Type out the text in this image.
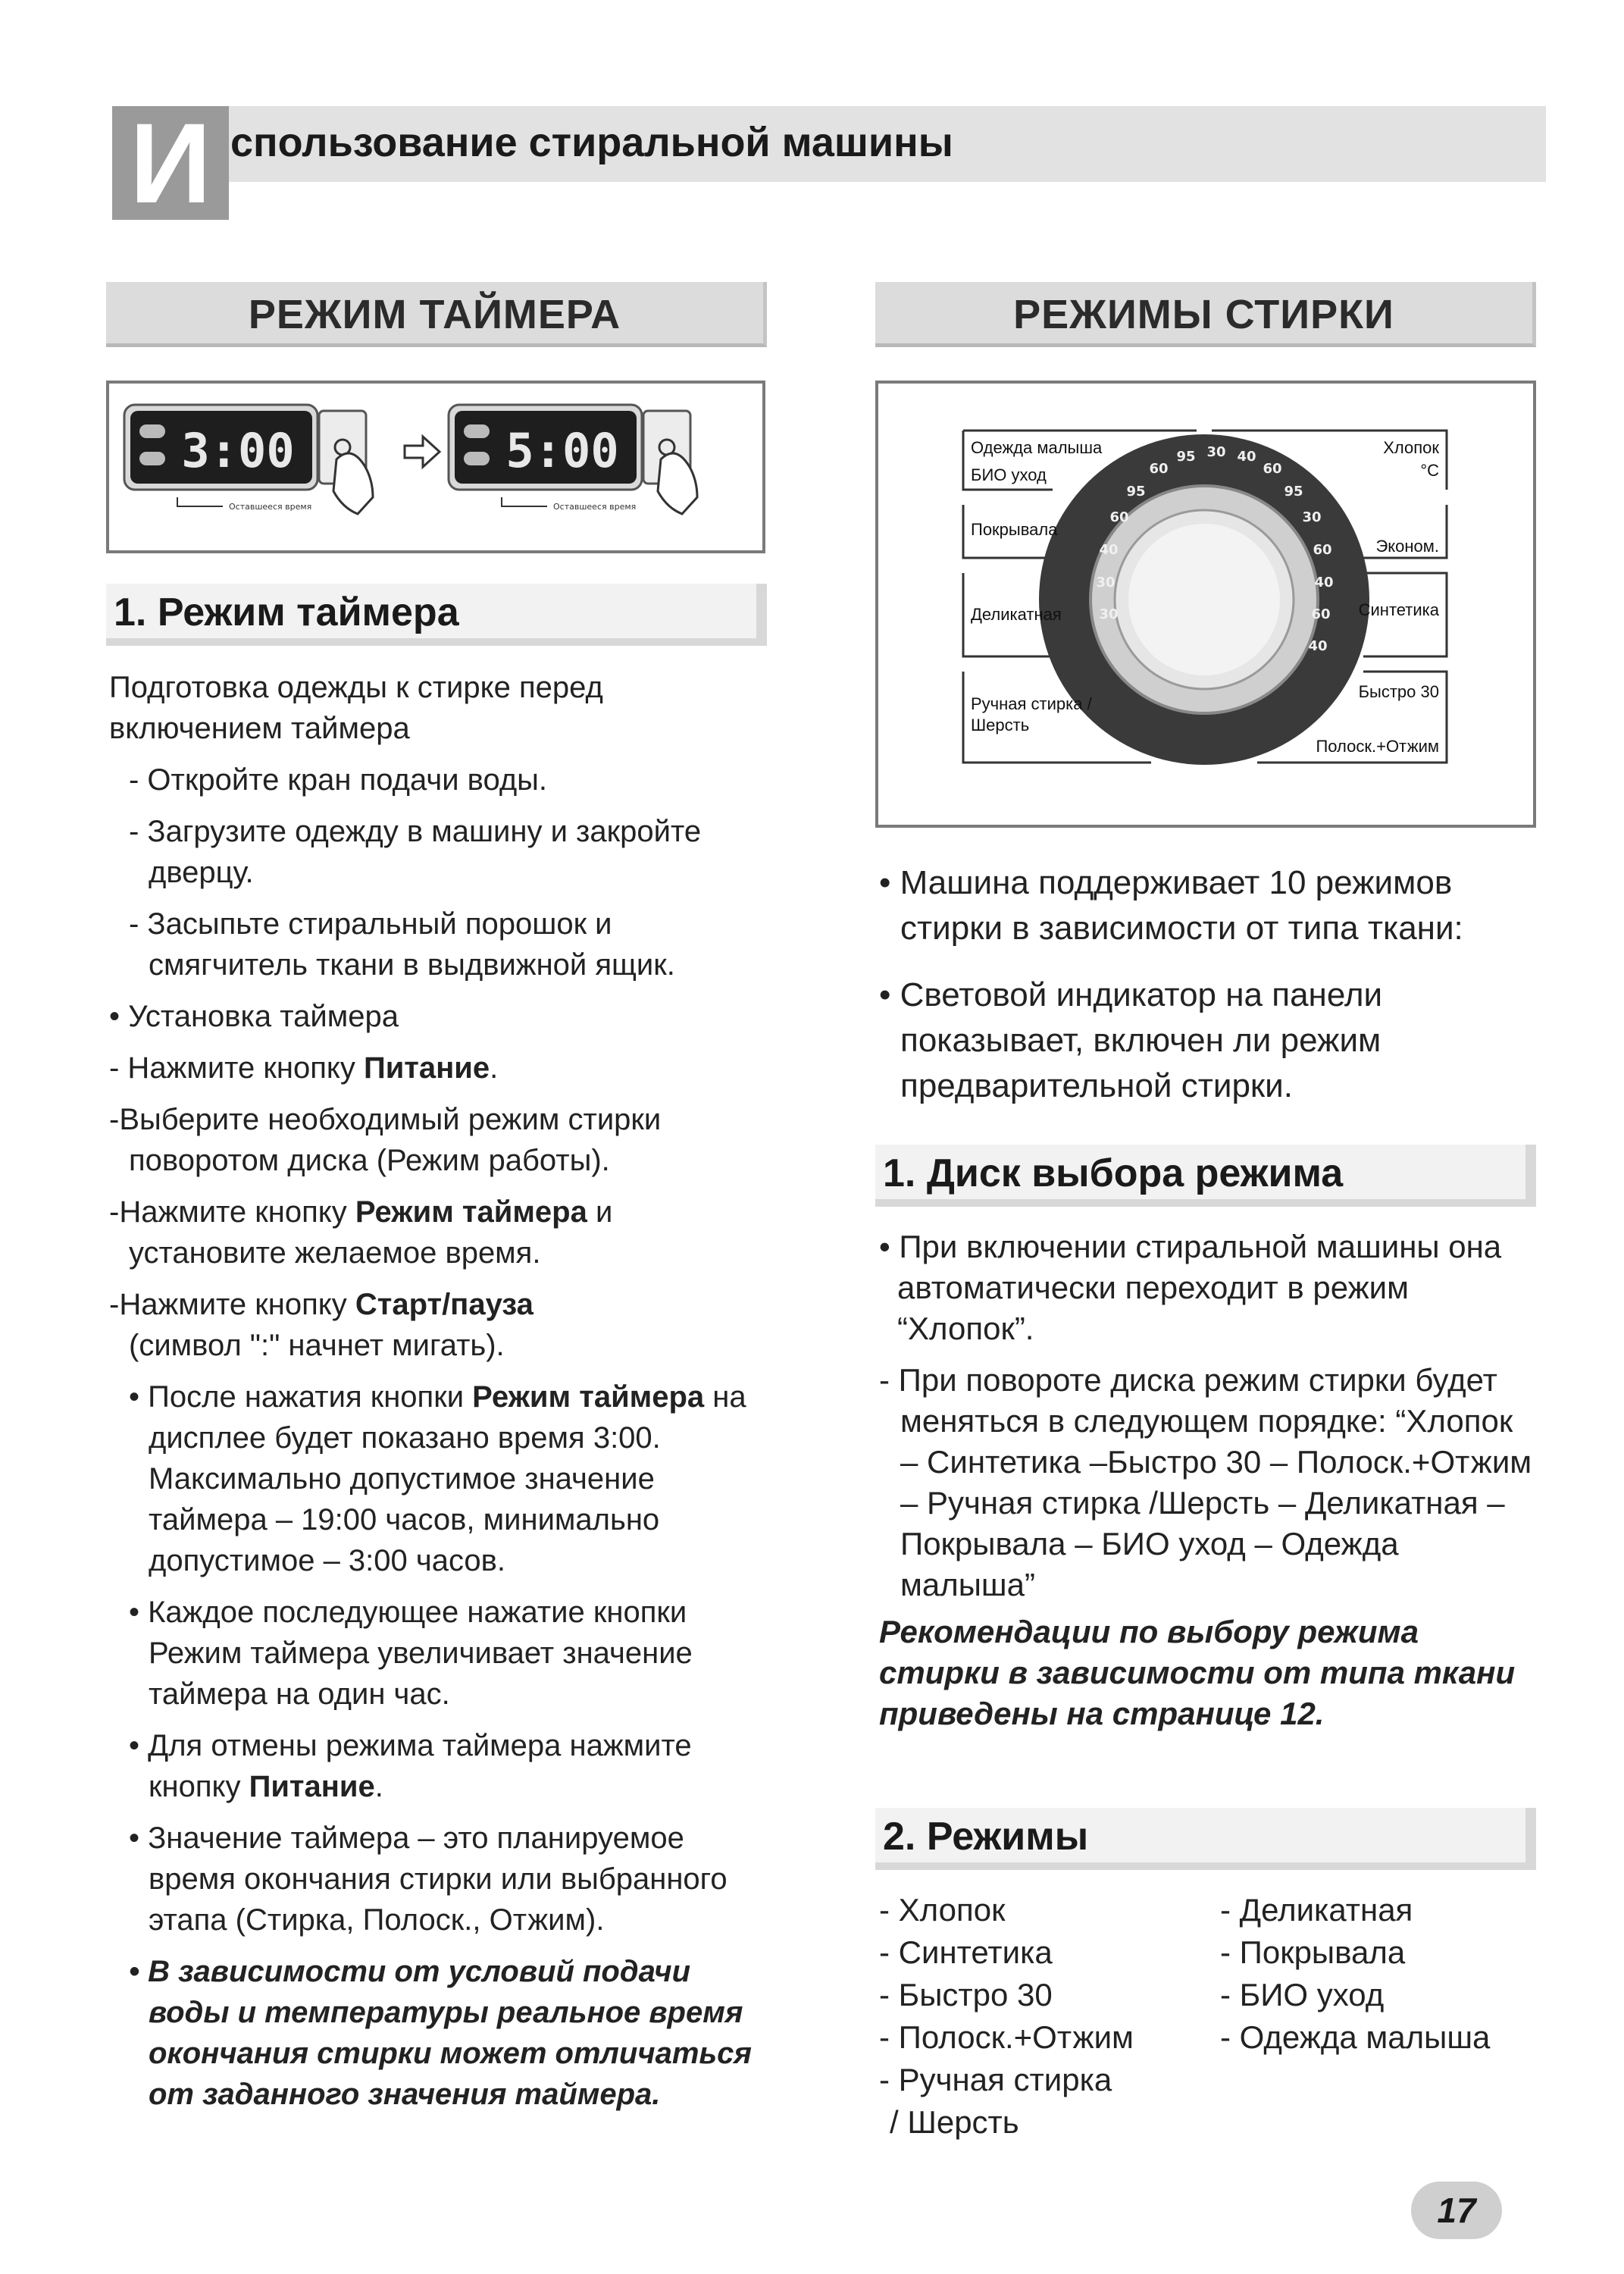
И спользование стиральной машины
РЕЖИМ ТАЙМЕРА	РЕЖИМЫ СТИРКИ
3:00
Оставшееся время
5:00
Оставшееся время
95 30 40
60	60
95	95
60	30
40	60
30	40
30	60
40
Одежда малыша
БИО уход
Покрывала
Деликатная
Ручная стирка /
Шерсть
Хлопок
°C
Эконом.
Синтетика
Быстро 30
Полоск.+Отжим
1. Режим таймера

Подготовка одежды к стирке перед включением таймера

- Откройте кран подачи воды.

- Загрузите одежду в машину и закройте дверцу.

- Засыпьте стиральный порошок и смягчитель ткани в выдвижной ящик.

• Установка таймера

- Нажмите кнопку Питание.

-Выберите необходимый режим стирки поворотом диска (Режим работы).

-Нажмите кнопку Режим таймера и установите желаемое время.

-Нажмите кнопку Старт/пауза
(символ ":" начнет мигать).

• После нажатия кнопки Режим таймера на дисплее будет показано время 3:00. Максимально допустимое значение таймера – 19:00 часов, минимально допустимое – 3:00 часов.

• Каждое последующее нажатие кнопки Режим таймера увеличивает значение таймера на один час.

• Для отмены режима таймера нажмите кнопку Питание.

• Значение таймера – это планируемое время окончания стирки или выбранного этапа (Стирка, Полоск., Отжим).

• В зависимости от условий подачи воды и температуры реальное время окончания стирки может отличаться от заданного значения таймера.

• Машина поддерживает 10 режимов стирки в зависимости от типа ткани:

• Световой индикатор на панели показывает, включен ли режим предварительной стирки.

1. Диск выбора режима

• При включении стиральной машины она автоматически переходит в режим “Хлопок”.

- При повороте диска режим стирки будет меняться в следующем порядке: “Хлопок – Синтетика –Быстро 30 – Полоск.+Отжим – Ручная стирка /Шерсть – Деликатная – Покрывала – БИО уход – Одежда малыша”

Рекомендации по выбору режима стирки в зависимости от типа ткани приведены на странице 12.

2. Режимы

- Хлопок

- Синтетика

- Быстро 30

- Полоск.+Отжим

- Ручная стирка

/ Шерсть

- Деликатная

- Покрывала

- БИО уход

- Одежда малыша

17
